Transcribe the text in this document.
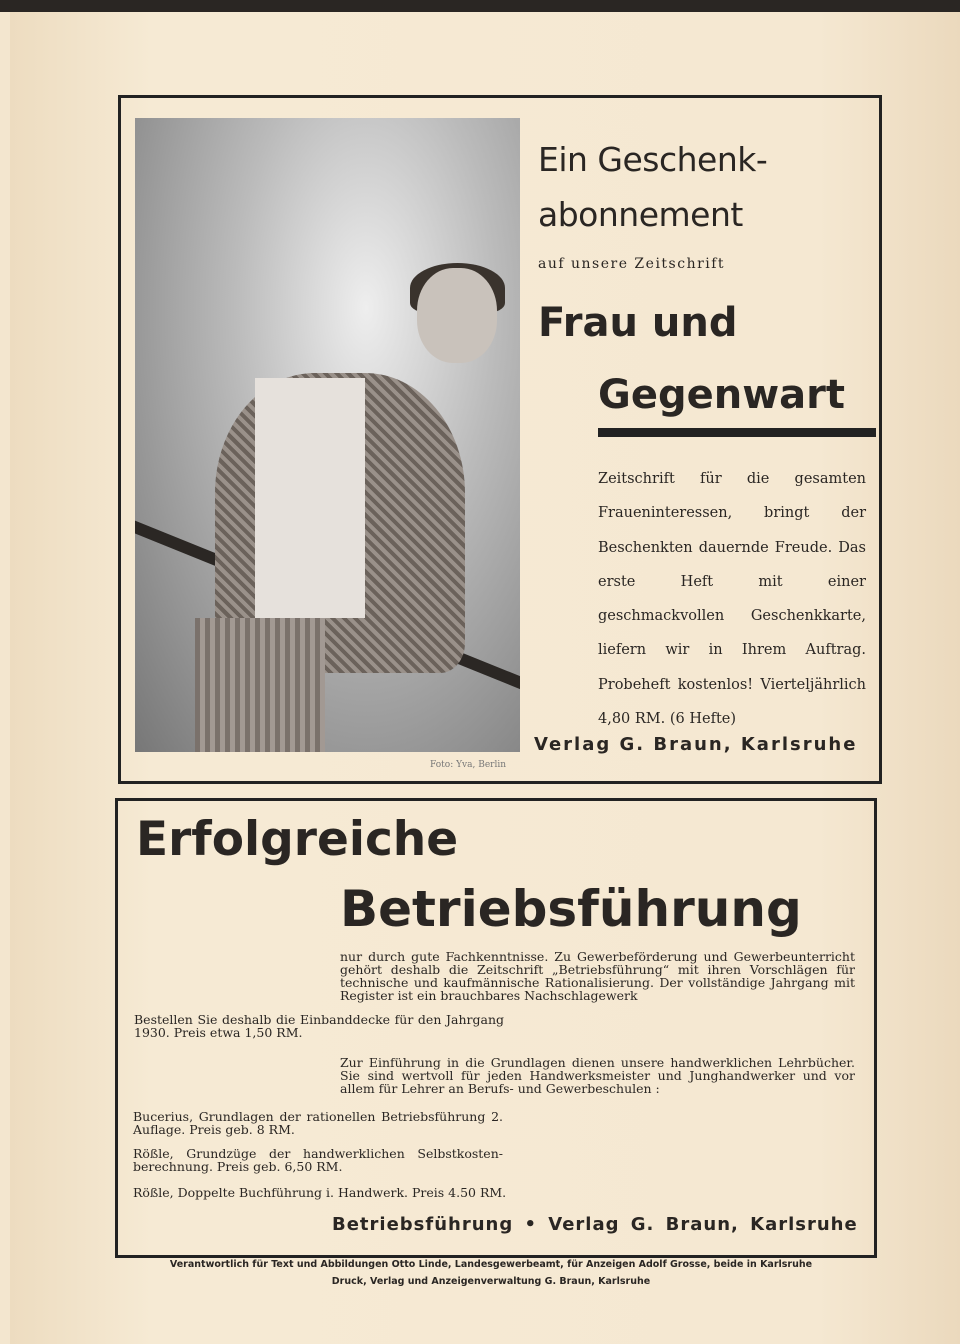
Foto: Yva, Berlin
Ein Geschenk-
abonnement
auf unsere Zeitschrift
Frau und
Gegenwart
Zeitschrift für die gesamten Fraueninteressen, bringt der Beschenkten dauernde Freude. Das erste Heft mit einer geschmackvollen Geschenkkarte, liefern wir in Ihrem Auftrag. Probeheft kostenlos! Vierteljährlich 4,80 RM. (6 Hefte)
Verlag G. Braun, Karlsruhe
Erfolgreiche
Betriebsführung
nur durch gute Fachkenntnisse. Zu Gewerbeförderung und Gewerbeunterricht gehört deshalb die Zeitschrift „Betriebsführung“ mit ihren Vorschlägen für technische und kaufmännische Rationalisierung. Der vollständige Jahrgang mit Register ist ein brauchbares Nachschlagewerk
Bestellen Sie deshalb die Einbanddecke für den Jahrgang 1930. Preis etwa 1,50 RM.
Zur Einführung in die Grundlagen dienen unsere handwerklichen Lehrbücher. Sie sind wertvoll für jeden Handwerksmeister und Junghandwerker und vor allem für Lehrer an Berufs- und Gewerbeschulen :
Bucerius, Grundlagen der rationellen Betriebsführung 2. Auflage. Preis geb. 8 RM.
Rößle, Grundzüge der handwerklichen Selbstkostenberechnung. Preis geb. 6,50 RM.
Rößle, Doppelte Buchführung i. Handwerk. Preis 4.50 RM.
Betriebsführung • Verlag G. Braun, Karlsruhe
Verantwortlich für Text und Abbildungen Otto Linde, Landesgewerbeamt, für Anzeigen Adolf Grosse, beide in Karlsruhe
Druck, Verlag und Anzeigenverwaltung G. Braun, Karlsruhe
